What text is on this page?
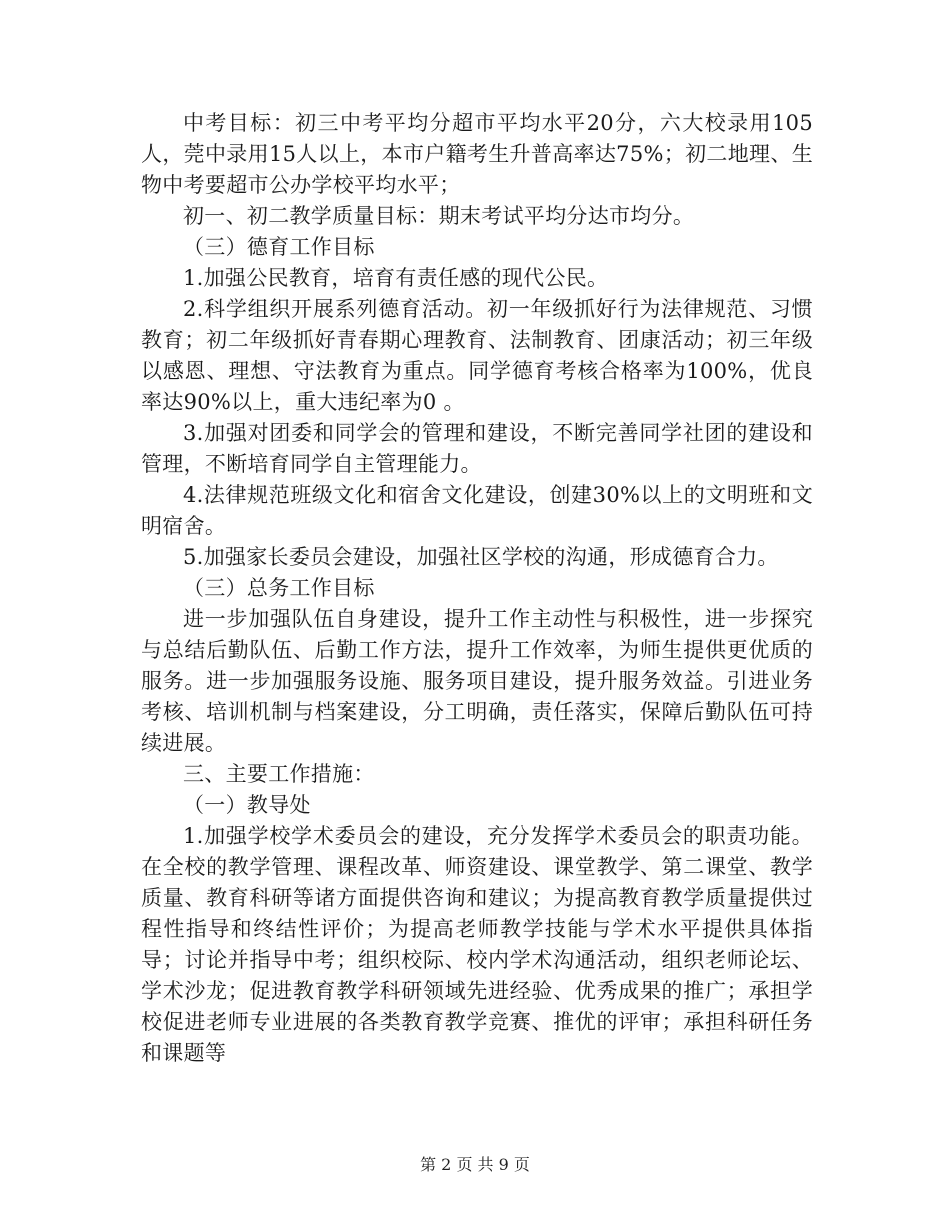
中考目标：初三中考平均分超市平均水平20分，六大校录用105人，莞中录用15人以上，本市户籍考生升普高率达75%；初二地理、生物中考要超市公办学校平均水平；

初一、初二教学质量目标：期末考试平均分达市均分。

（三）德育工作目标

1.加强公民教育，培育有责任感的现代公民。

2.科学组织开展系列德育活动。初一年级抓好行为法律规范、习惯教育；初二年级抓好青春期心理教育、法制教育、团康活动；初三年级以感恩、理想、守法教育为重点。同学德育考核合格率为100%，优良率达90%以上，重大违纪率为0 。

3.加强对团委和同学会的管理和建设，不断完善同学社团的建设和管理，不断培育同学自主管理能力。

4.法律规范班级文化和宿舍文化建设，创建30%以上的文明班和文明宿舍。

5.加强家长委员会建设，加强社区学校的沟通，形成德育合力。

（三）总务工作目标

进一步加强队伍自身建设，提升工作主动性与积极性，进一步探究与总结后勤队伍、后勤工作方法，提升工作效率，为师生提供更优质的服务。进一步加强服务设施、服务项目建设，提升服务效益。引进业务考核、培训机制与档案建设，分工明确，责任落实，保障后勤队伍可持续进展。

三、主要工作措施：

（一）教导处

1.加强学校学术委员会的建设，充分发挥学术委员会的职责功能。在全校的教学管理、课程改革、师资建设、课堂教学、第二课堂、教学质量、教育科研等诸方面提供咨询和建议；为提高教育教学质量提供过程性指导和终结性评价；为提高老师教学技能与学术水平提供具体指导；讨论并指导中考；组织校际、校内学术沟通活动，组织老师论坛、学术沙龙；促进教育教学科研领域先进经验、优秀成果的推广；承担学校促进老师专业进展的各类教育教学竞赛、推优的评审；承担科研任务和课题等

第 2 页 共 9 页
